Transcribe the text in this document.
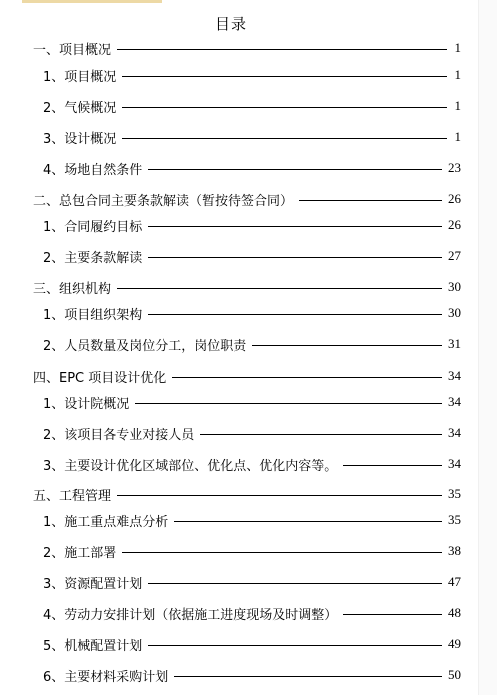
目录
一、项目概况	1
1、项目概况	1
2、气候概况	1
3、设计概况	1
4、场地自然条件	23
二、总包合同主要条款解读（暂按待签合同）	26
1、合同履约目标	26
2、主要条款解读	27
三、组织机构	30
1、项目组织架构	30
2、人员数量及岗位分工，岗位职责	31
四、EPC 项目设计优化	34
1、设计院概况	34
2、该项目各专业对接人员	34
3、主要设计优化区域部位、优化点、优化内容等。	34
五、工程管理	35
1、施工重点难点分析	35
2、施工部署	38
3、资源配置计划	47
4、劳动力安排计划（依据施工进度现场及时调整）	48
5、机械配置计划	49
6、主要材料采购计划	50
